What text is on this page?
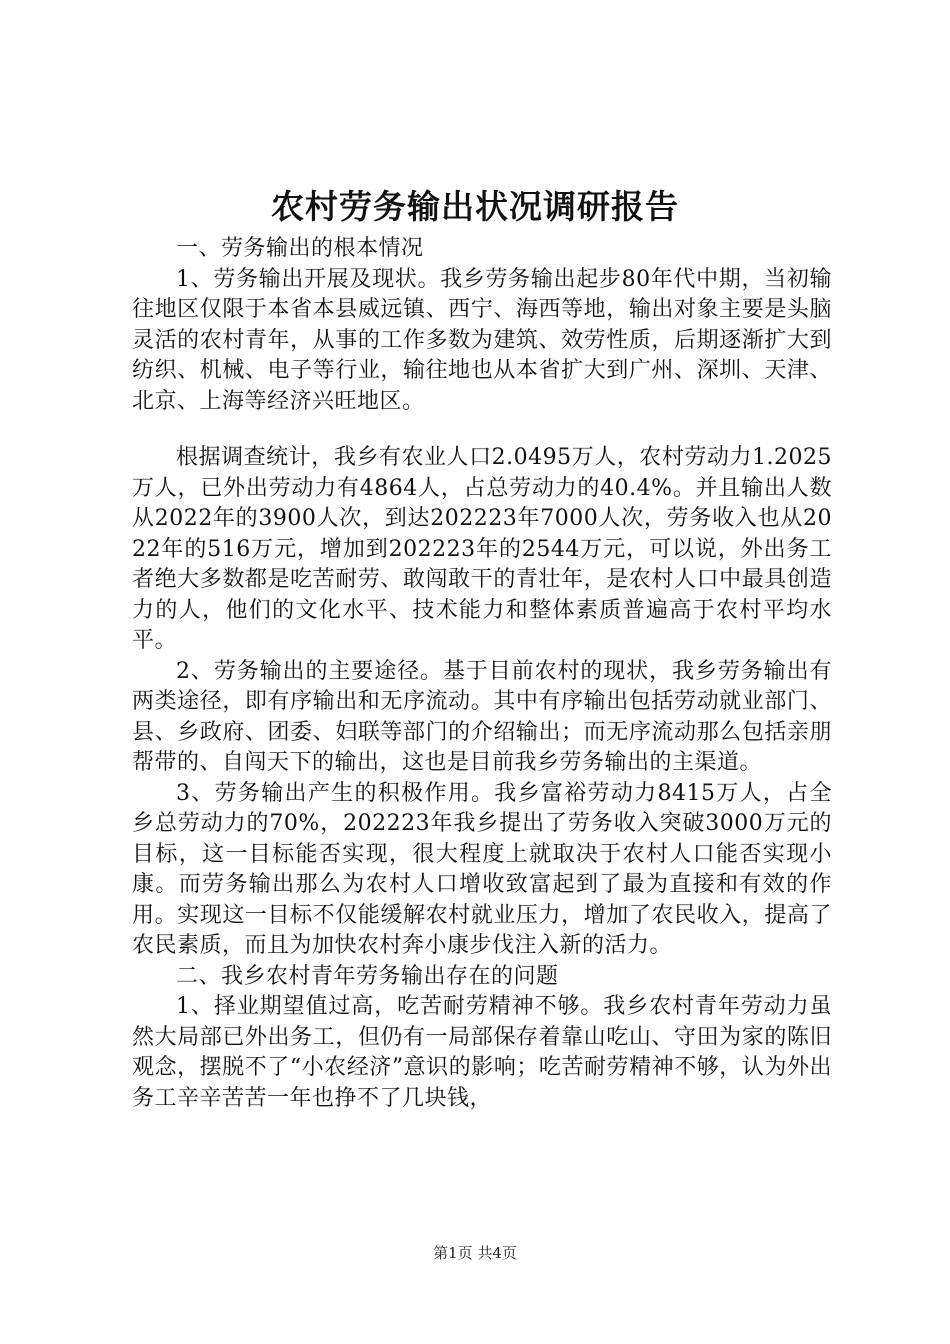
农村劳务输出状况调研报告

一、劳务输出的根本情况

1、劳务输出开展及现状。我乡劳务输出起步80年代中期，当初输往地区仅限于本省本县威远镇、西宁、海西等地，输出对象主要是头脑灵活的农村青年，从事的工作多数为建筑、效劳性质，后期逐渐扩大到纺织、机械、电子等行业，输往地也从本省扩大到广州、深圳、天津、北京、上海等经济兴旺地区。

根据调查统计，我乡有农业人口2.0495万人，农村劳动力1.2025万人，已外出劳动力有4864人，占总劳动力的40.4%。并且输出人数从2022年的3900人次，到达202223年7000人次，劳务收入也从2022年的516万元，增加到202223年的2544万元，可以说，外出务工者绝大多数都是吃苦耐劳、敢闯敢干的青壮年，是农村人口中最具创造力的人，他们的文化水平、技术能力和整体素质普遍高于农村平均水平。

2、劳务输出的主要途径。基于目前农村的现状，我乡劳务输出有两类途径，即有序输出和无序流动。其中有序输出包括劳动就业部门、县、乡政府、团委、妇联等部门的介绍输出；而无序流动那么包括亲朋帮带的、自闯天下的输出，这也是目前我乡劳务输出的主渠道。

3、劳务输出产生的积极作用。我乡富裕劳动力8415万人，占全乡总劳动力的70%，202223年我乡提出了劳务收入突破3000万元的目标，这一目标能否实现，很大程度上就取决于农村人口能否实现小康。而劳务输出那么为农村人口增收致富起到了最为直接和有效的作用。实现这一目标不仅能缓解农村就业压力，增加了农民收入，提高了农民素质，而且为加快农村奔小康步伐注入新的活力。

二、我乡农村青年劳务输出存在的问题

1、择业期望值过高，吃苦耐劳精神不够。我乡农村青年劳动力虽然大局部已外出务工，但仍有一局部保存着靠山吃山、守田为家的陈旧观念，摆脱不了“小农经济”意识的影响；吃苦耐劳精神不够，认为外出务工辛辛苦苦一年也挣不了几块钱，

第1页 共4页
